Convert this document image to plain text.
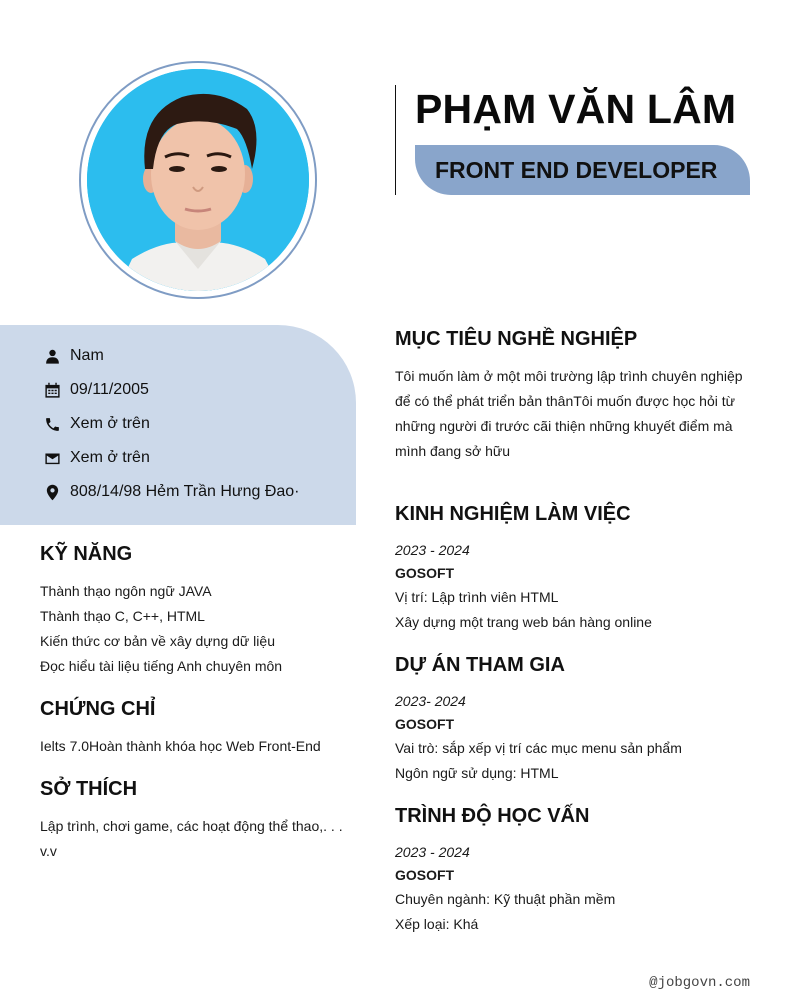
PHẠM VĂN LÂM
FRONT END DEVELOPER
Nam
09/11/2005
Xem ở trên
Xem ở trên
808/14/98 Hẻm Trần Hưng Đao·
KỸ NĂNG
Thành thạo ngôn ngữ JAVA
Thành thạo C, C++, HTML
Kiến thức cơ bản về xây dựng dữ liệu
Đọc hiểu tài liệu tiếng Anh chuyên môn
CHỨNG CHỈ
Ielts 7.0Hoàn thành khóa học Web Front-End
SỞ THÍCH
Lập trình, chơi game, các hoạt động thể thao,. . .
v.v
MỤC TIÊU NGHỀ NGHIỆP
Tôi muốn làm ở một môi trường lập trình chuyên nghiệp
để có thể phát triển bản thânTôi muốn được học hỏi từ
những người đi trước cãi thiện những khuyết điểm mà
mình đang sở hữu
KINH NGHIỆM LÀM VIỆC
2023 - 2024
GOSOFT
Vị trí: Lập trình viên HTML
Xây dựng một trang web bán hàng online
DỰ ÁN THAM GIA
2023- 2024
GOSOFT
Vai trò: sắp xếp vị trí các mục menu sản phẩm
Ngôn ngữ sử dụng: HTML
TRÌNH ĐỘ HỌC VẤN
2023 - 2024
GOSOFT
Chuyên ngành: Kỹ thuật phần mềm
Xếp loại: Khá
@jobgovn.com
